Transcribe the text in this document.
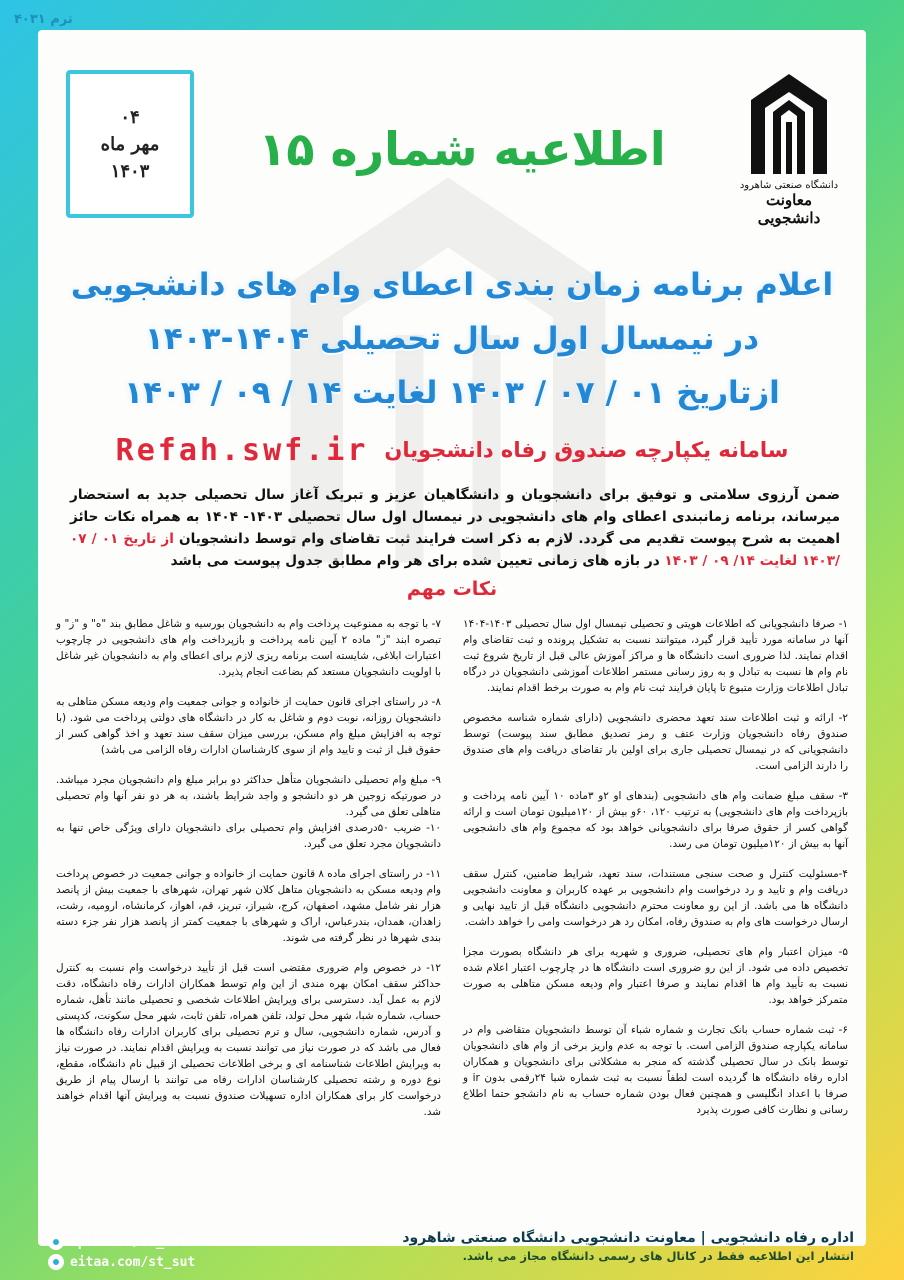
ترم ۴۰۳۱
۰۴
مهر ماه
۱۴۰۳	اطلاعیه شماره ۱۵
دانشگاه صنعتی شاهرود
معاونت دانشجویی
اعلام برنامه زمان بندی اعطای وام های دانشجویی
در نیمسال اول سال تحصیلی ۱۴۰۴-۱۴۰۳
ازتاریخ ۰۱ / ۰۷ / ۱۴۰۳ لغایت ۱۴ / ۰۹ / ۱۴۰۳
سامانه یکپارچه صندوق رفاه دانشجویان
Refah.swf.ir
ضمن آرزوی سلامتی و توفیق برای دانشجویان و دانشگاهیان عزیز و تبریک آغاز سال تحصیلی جدید به استحضار میرساند، برنامه زمانبندی اعطای وام های دانشجویی در نیمسال اول سال تحصیلی ۱۴۰۳- ۱۴۰۴ به همراه نکات حائز اهمیت به شرح پیوست تقدیم می گردد. لازم به ذکر است فرایند ثبت تقاضای وام توسط دانشجویان از تاریخ ۰۱ / ۰۷ /۱۴۰۳ لغایت ۱۴/ ۰۹ / ۱۴۰۳ در بازه های زمانی تعیین شده برای هر وام مطابق جدول پیوست می باشد
نکات مهم

۱- صرفا دانشجویانی که اطلاعات هویتی و تحصیلی نیمسال اول سال تحصیلی ۱۴۰۳-۱۴۰۴ آنها در سامانه مورد تأیید قرار گیرد، میتوانند نسبت به تشکیل پرونده و ثبت تقاضای وام اقدام نمایند. لذا ضروری است دانشگاه ها و مراکز آموزش عالی قبل از تاریخ شروع ثبت نام وام ها نسبت به تبادل و به روز رسانی مستمر اطلاعات آموزشی دانشجویان در درگاه تبادل اطلاعات وزارت متبوع تا پایان فرایند ثبت نام وام به صورت برخط اقدام نمایند.

۲- ارائه و ثبت اطلاعات سند تعهد محضری دانشجویی (دارای شماره شناسه مخصوص صندوق رفاه دانشجویان وزارت عتف و رمز تصدیق مطابق سند پیوست) توسط دانشجویانی که در نیمسال تحصیلی جاری برای اولین بار تقاضای دریافت وام های صندوق را دارند الزامی است.

۳- سقف مبلغ ضمانت وام های دانشجویی (بندهای او ۲و ۳ماده ۱۰ آیین نامه پرداخت و بازپرداخت وام های دانشجویی) به ترتیب ۱۲۰، ۶۰و بیش از ۱۲۰میلیون تومان است و ارائه گواهی کسر از حقوق صرفا برای دانشجویانی خواهد بود که مجموع وام های دانشجویی آنها به بیش از ۱۲۰میلیون تومان می رسد.

۴-مسئولیت کنترل و صحت سنجی مستندات، سند تعهد، شرایط ضامنین، کنترل سقف دریافت وام و تایید و رد درخواست وام دانشجویی بر عهده کاربران و معاونت دانشجویی دانشگاه ها می باشد. از این رو معاونت محترم دانشجویی دانشگاه قبل از تایید نهایی و ارسال درخواست های وام به صندوق رفاه، امکان رد هر درخواست وامی را خواهد داشت.

۵- میزان اعتبار وام های تحصیلی، ضروری و شهریه برای هر دانشگاه بصورت مجزا تخصیص داده می شود. از این رو ضروری است دانشگاه ها در چارچوب اعتبار اعلام شده نسبت به تأیید وام ها اقدام نمایند و صرفا اعتبار وام ودیعه مسکن متاهلی به صورت متمرکز خواهد بود.

۶- ثبت شماره حساب بانک تجارت و شماره شباء آن توسط دانشجویان متقاضی وام در سامانه یکپارچه صندوق الزامی است. با توجه به عدم واریز برخی از وام های دانشجویان توسط بانک در سال تحصیلی گذشته که منجر به مشکلاتی برای دانشجویان و همکاران اداره رفاه دانشگاه ها گردیده است لطفاً نسبت به ثبت شماره شبا ۲۴رقمی بدون ir و صرفا با اعداد انگلیسی و همچنین فعال بودن شماره حساب به نام دانشجو حتما اطلاع رسانی و نظارت کافی صورت پذیرد

۷- با توجه به ممنوعیت پرداخت وام به دانشجویان بورسیه و شاغل مطابق بند "ه" و "ز" و تبصره ابند "ز" ماده ۲ آیین نامه پرداخت و بازپرداخت وام های دانشجویی در چارچوب اعتبارات ابلاغی، شایسته است برنامه ریزی لازم برای اعطای وام به دانشجویان غیر شاغل با اولویت دانشجویان مستعد کم بضاعت انجام پذیرد.

۸- در راستای اجرای قانون حمایت از خانواده و جوانی جمعیت وام ودیعه مسکن متاهلی به دانشجویان روزانه، نوبت دوم و شاغل به کار در دانشگاه های دولتی پرداخت می شود. (با توجه به افزایش مبلغ وام مسکن، بررسی میزان سقف سند تعهد و اخذ گواهی کسر از حقوق قبل از ثبت و تایید وام از سوی کارشناسان ادارات رفاه الزامی می باشد)

۹- مبلغ وام تحصیلی دانشجویان متأهل حداکثر دو برابر مبلغ وام دانشجویان مجرد میباشد. در صورتیکه زوجین هر دو دانشجو و واجد شرایط باشند، به هر دو نفر آنها وام تحصیلی متاهلی تعلق می گیرد.
۱۰- ضریب ۵۰درصدی افزایش وام تحصیلی برای دانشجویان دارای ویژگی خاص تنها به دانشجویان مجرد تعلق می گیرد.

۱۱- در راستای اجرای ماده ۸ قانون حمایت از خانواده و جوانی جمعیت در خصوص پرداخت وام ودیعه مسکن به دانشجویان متاهل کلان شهر تهران، شهرهای با جمعیت بیش از پانصد هزار نفر شامل مشهد، اصفهان، کرج، شیراز، تبریز، قم، اهواز، کرمانشاه، ارومیه، رشت، زاهدان، همدان، بندرعباس، اراک و شهرهای با جمعیت کمتر از پانصد هزار نفر جزء دسته بندی شهرها در نظر گرفته می شوند.

۱۲- در خصوص وام ضروری مقتضی است قبل از تأیید درخواست وام نسبت به کنترل حداکثر سقف امکان بهره مندی از این وام توسط همکاران ادارات رفاه دانشگاه، دقت لازم به عمل آید. دسترسی برای ویرایش اطلاعات شخصی و تحصیلی مانند تأهل، شماره حساب، شماره شبا، شهر محل تولد، تلفن همراه، تلفن ثابت، شهر محل سکونت، کدپستی و آدرس، شماره دانشجویی، سال و ترم تحصیلی برای کاربران ادارات رفاه دانشگاه ها فعال می باشد که در صورت نیاز می توانند نسبت به ویرایش اقدام نمایند. در صورت نیاز به ویرایش اطلاعات شناسنامه ای و برخی اطلاعات تحصیلی از قبیل نام دانشگاه، مقطع، نوع دوره و رشته تحصیلی کارشناسان ادارات رفاه می توانند با ارسال پیام از طریق درخواست کار برای همکاران اداره تسهیلات صندوق نسبت به ویرایش آنها اقدام خواهند شد.

splus.ir/st_sut
eitaa.com/st_sut
اداره رفاه دانشجویی | معاونت دانشجویی دانشگاه صنعتی شاهرود
انتشار این اطلاعیه فقط در کانال های رسمی دانشگاه مجاز می باشد.
